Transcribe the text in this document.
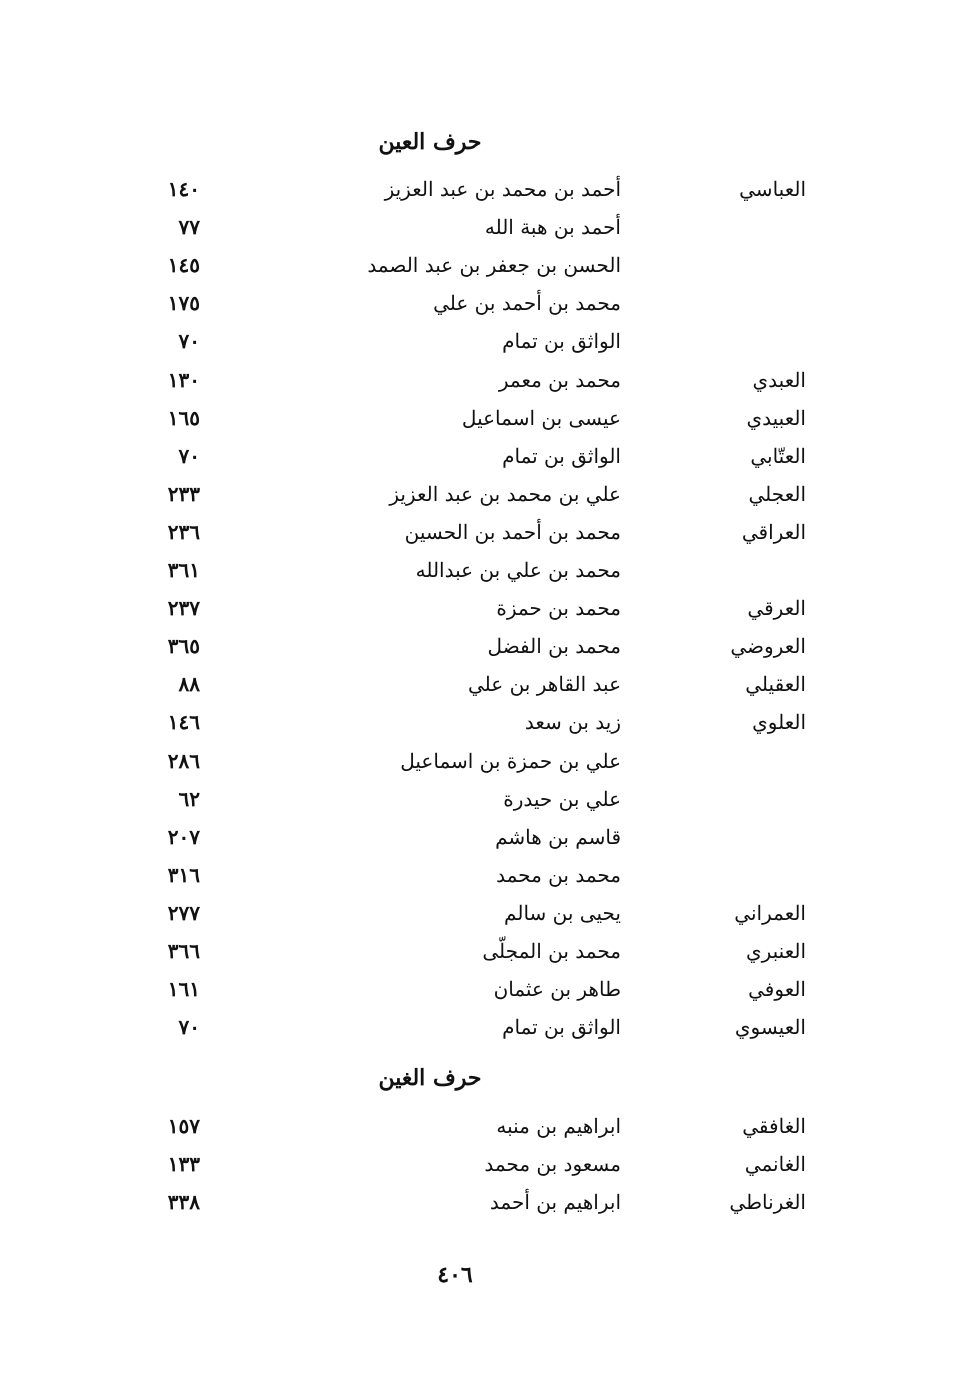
حرف العين
العباسي
أحمد بن محمد بن عبد العزيز
١٤٠
أحمد بن هبة الله
٧٧
الحسن بن جعفر بن عبد الصمد
١٤٥
محمد بن أحمد بن علي
١٧٥
الواثق بن تمام
٧٠
العبدي
محمد بن معمر
١٣٠
العبيدي
عيسى بن اسماعيل
١٦٥
العتّابي
الواثق بن تمام
٧٠
العجلي
علي بن محمد بن عبد العزيز
٢٣٣
العراقي
محمد بن أحمد بن الحسين
٢٣٦
محمد بن علي بن عبدالله
٣٦١
العرقي
محمد بن حمزة
٢٣٧
العروضي
محمد بن الفضل
٣٦٥
العقيلي
عبد القاهر بن علي
٨٨
العلوي
زيد بن سعد
١٤٦
علي بن حمزة بن اسماعيل
٢٨٦
علي بن حيدرة
٦٢
قاسم بن هاشم
٢٠٧
محمد بن محمد
٣١٦
العمراني
يحيى بن سالم
٢٧٧
العنبري
محمد بن المجلّى
٣٦٦
العوفي
طاهر بن عثمان
١٦١
العيسوي
الواثق بن تمام
٧٠
حرف الغين
الغافقي
ابراهيم بن منبه
١٥٧
الغانمي
مسعود بن محمد
١٣٣
الغرناطي
ابراهيم بن أحمد
٣٣٨
٤٠٦
